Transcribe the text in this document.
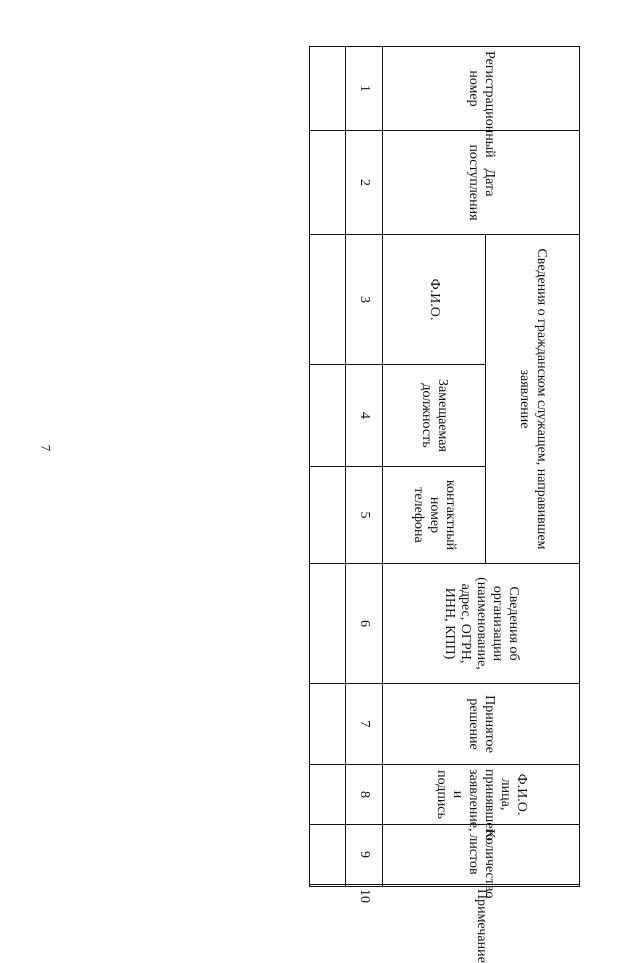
7
Регистрационный номер	Дата поступления	Сведения о гражданском служащем, направившем заявление			Сведения об организации (наименование, адрес, ОГРН, ИНН, КПП)	Принятое решение	Ф.И.О. лица, принявшего заявление, и подпись	Количество листов	Примечание
		Ф.И.О.	Замещаемая должность	контактный номер телефона					
1	2	3	4	5	6	7	8	9	10
